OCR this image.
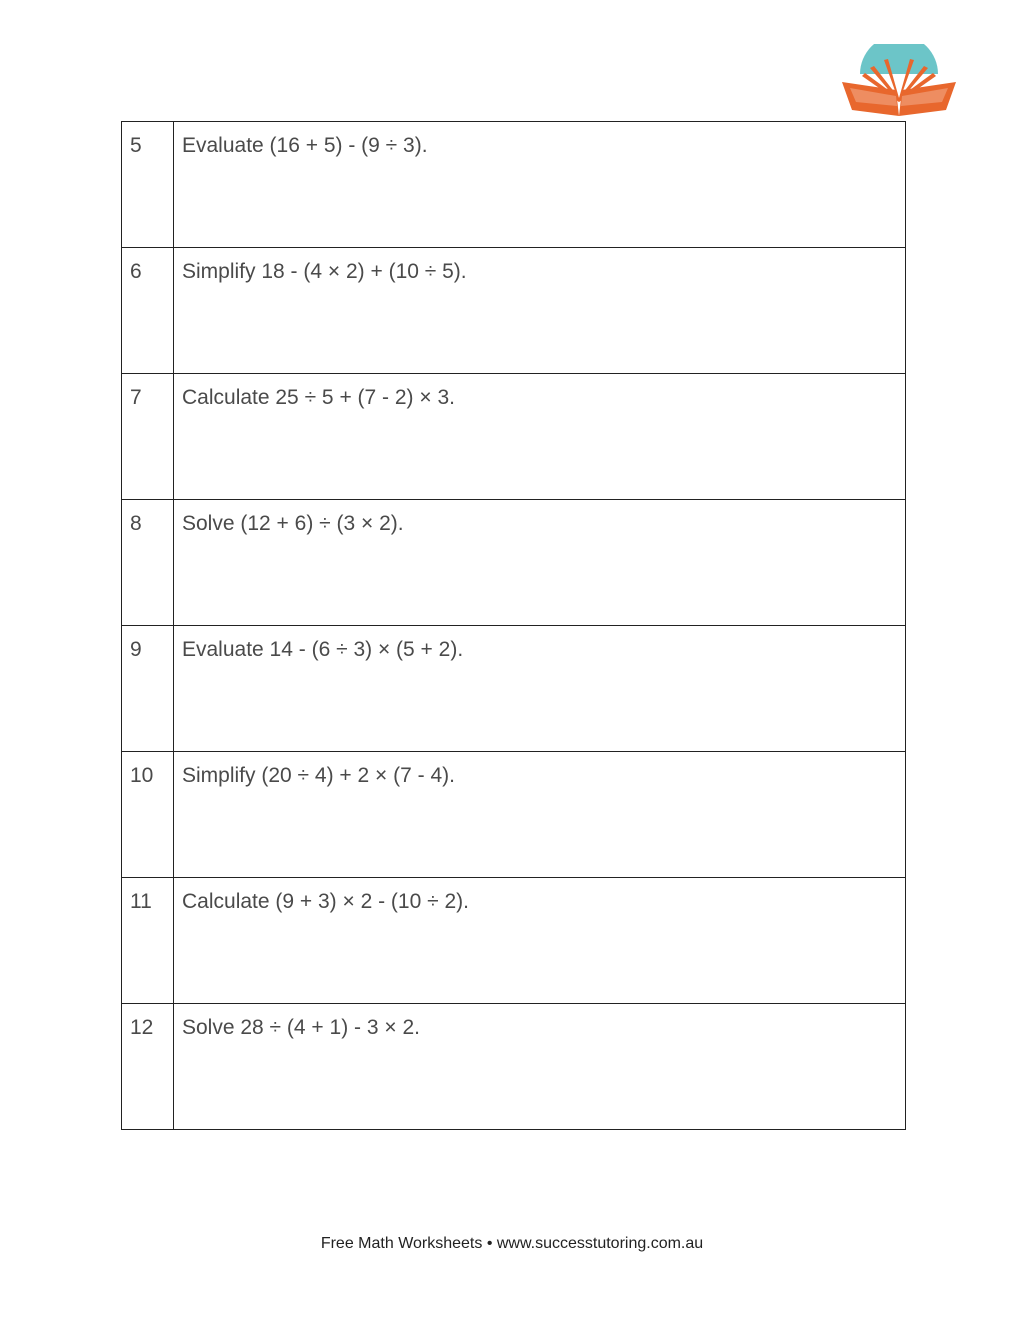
5	Evaluate (16 + 5) - (9 ÷ 3).
6	Simplify 18 - (4 × 2) + (10 ÷ 5).
7	Calculate 25 ÷ 5 + (7 - 2) × 3.
8	Solve (12 + 6) ÷ (3 × 2).
9	Evaluate 14 - (6 ÷ 3) × (5 + 2).
10	Simplify (20 ÷ 4) + 2 × (7 - 4).
11	Calculate (9 + 3) × 2 - (10 ÷ 2).
12	Solve 28 ÷ (4 + 1) - 3 × 2.
Free Math Worksheets • www.successtutoring.com.au
